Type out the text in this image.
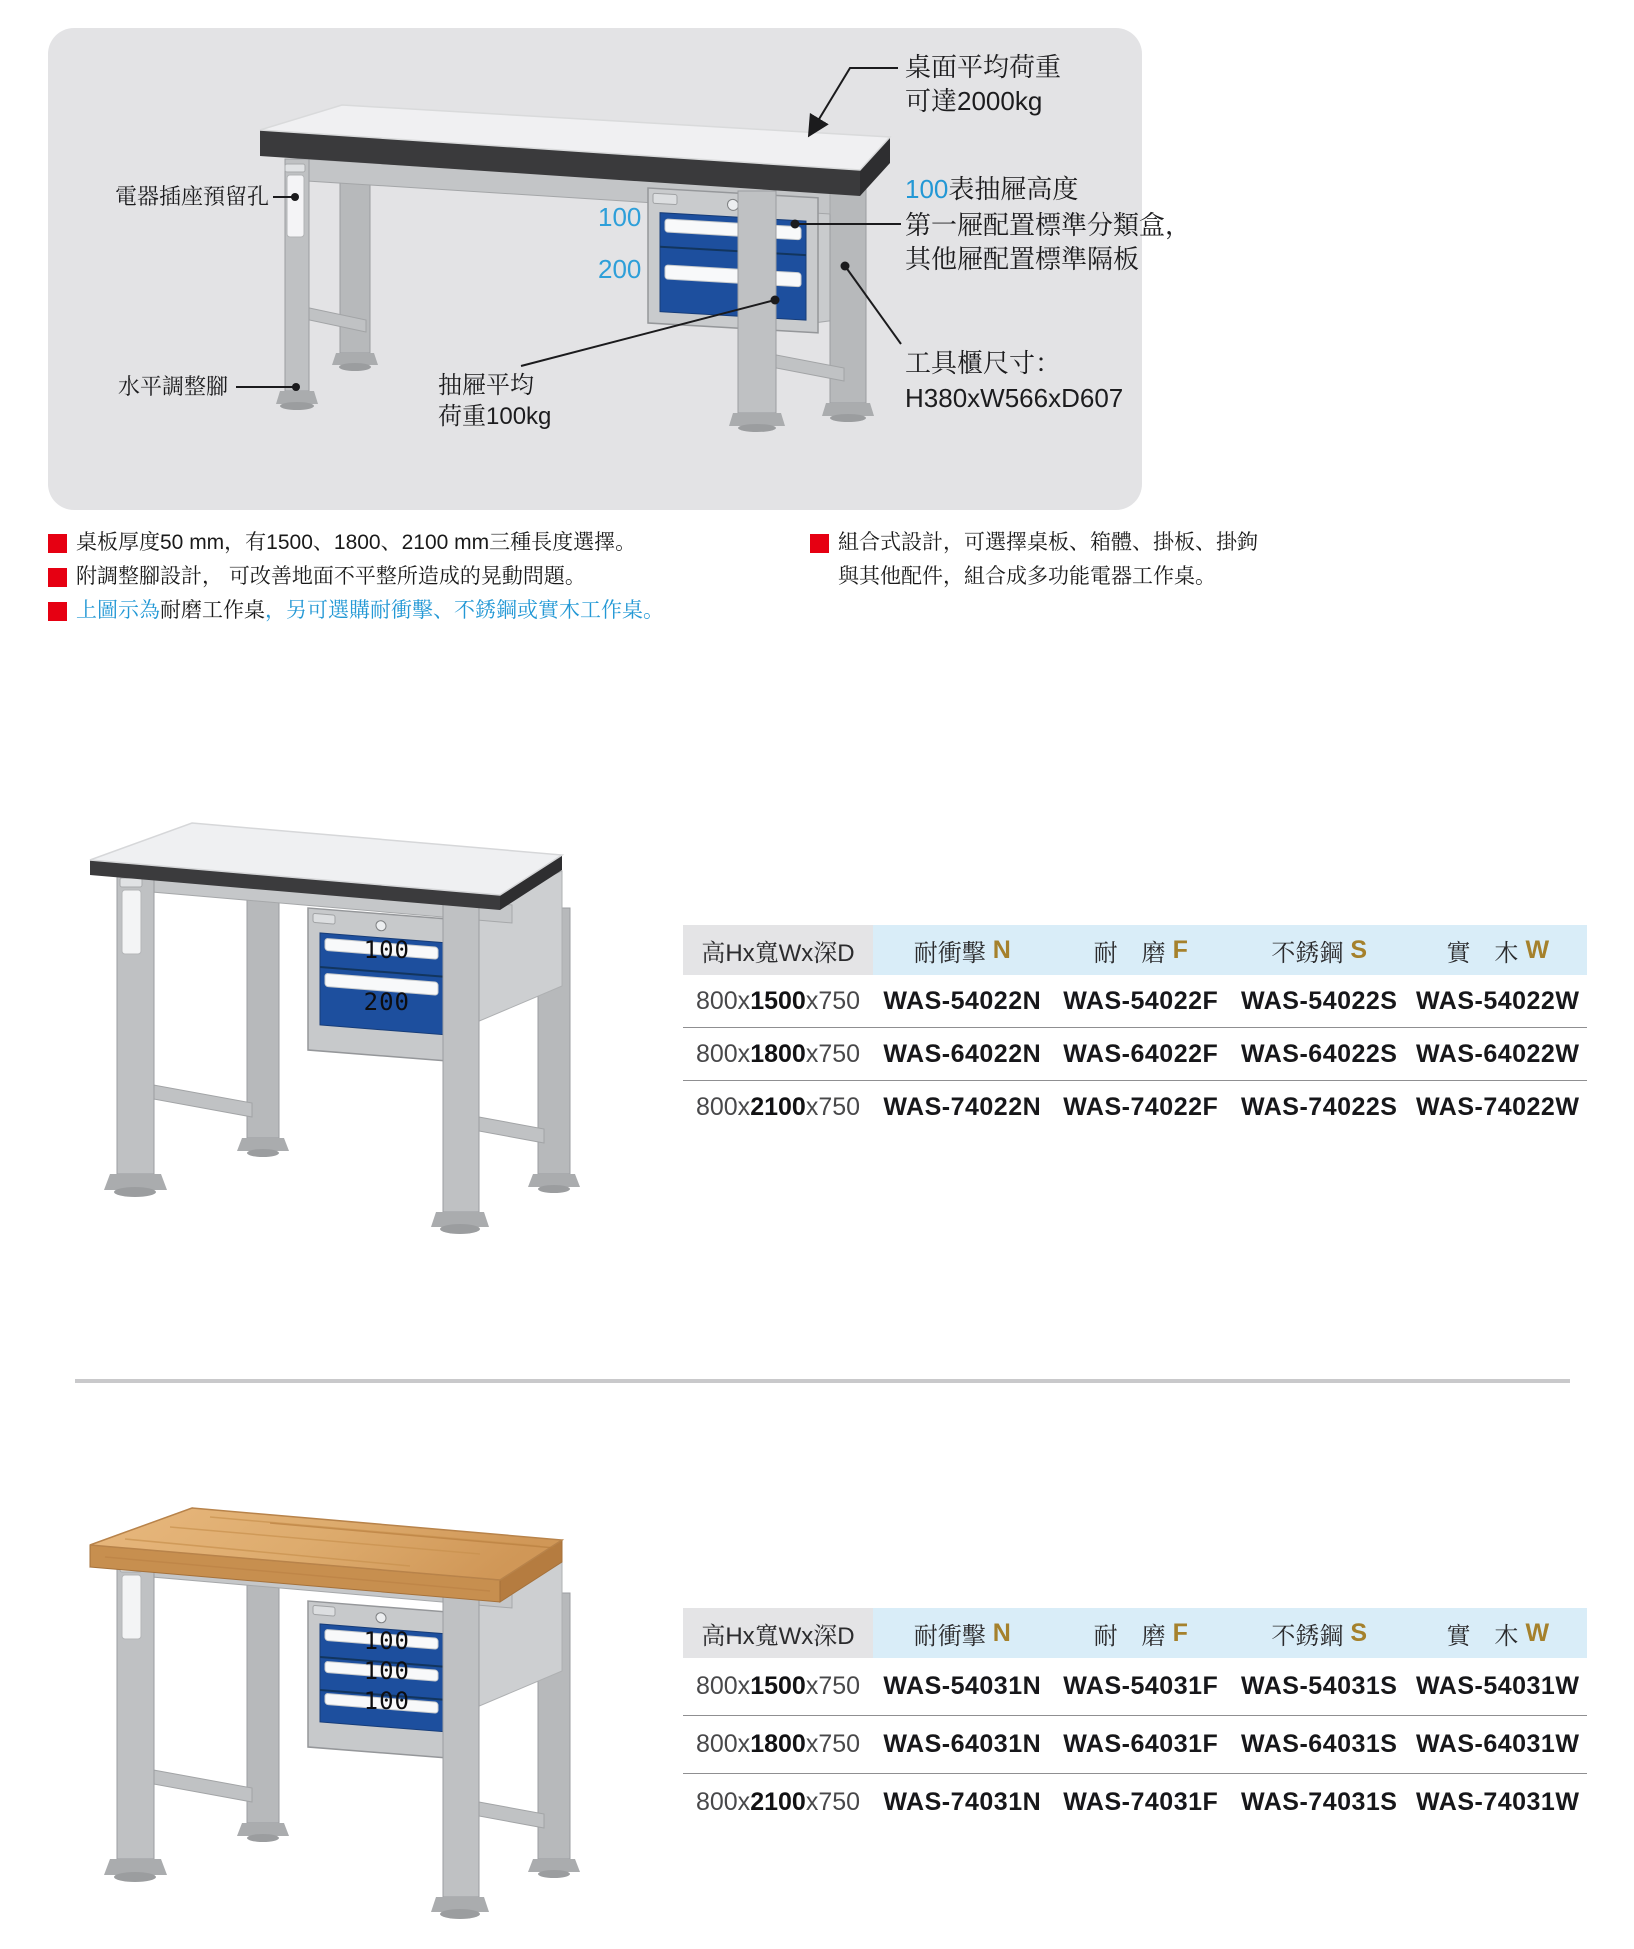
桌面平均荷重
可達2000kg
100表抽屜高度
第一屜配置標準分類盒，
其他屜配置標準隔板
工具櫃尺寸：
H380xW566xD607
電器插座預留孔
水平調整腳	抽屜平均
荷重100kg
100
200
桌板厚度50 mm，有1500、1800、2100 mm三種長度選擇。
附調整腳設計， 可改善地面不平整所造成的晃動問題。
上圖示為耐磨工作桌，另可選購耐衝擊、不銹鋼或實木工作桌。
組合式設計，可選擇桌板、箱體、掛板、掛鉤
與其他配件，組合成多功能電器工作桌。
100
200
高Hx寬Wx深D	耐衝擊 N	耐　磨 F	不銹鋼 S	實　木 W
800x1500x750 WAS-54022N WAS-54022F WAS-54022S WAS-54022W
800x1800x750 WAS-64022N WAS-64022F WAS-64022S WAS-64022W
800x2100x750 WAS-74022N WAS-74022F WAS-74022S WAS-74022W
100
100
100
高Hx寬Wx深D	耐衝擊 N	耐　磨 F	不銹鋼 S	實　木 W
800x1500x750 WAS-54031N WAS-54031F WAS-54031S WAS-54031W
800x1800x750 WAS-64031N WAS-64031F WAS-64031S WAS-64031W
800x2100x750 WAS-74031N WAS-74031F WAS-74031S WAS-74031W
